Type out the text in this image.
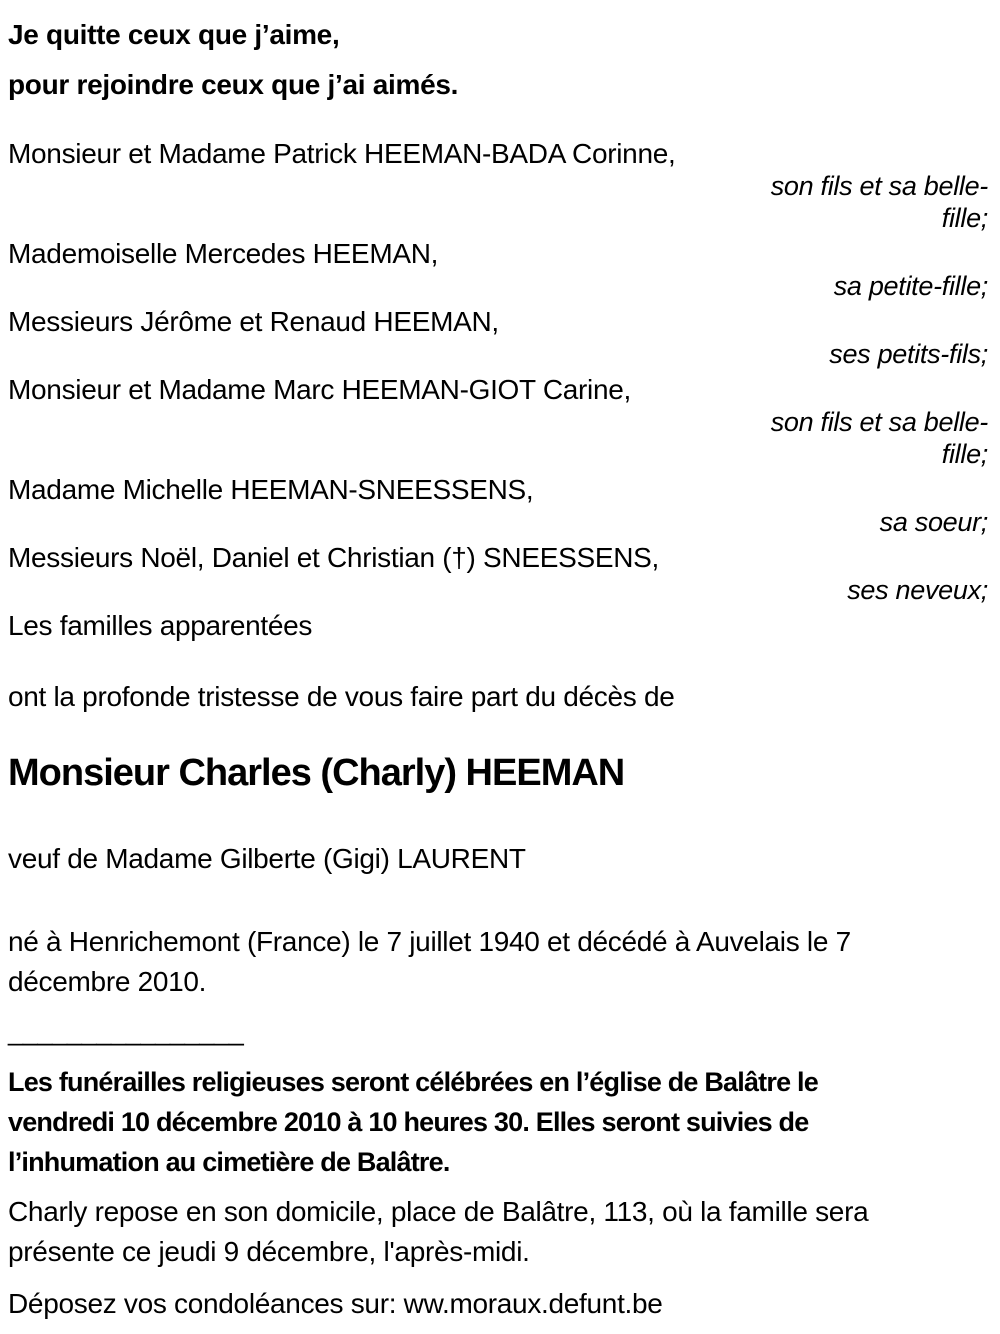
Je quitte ceux que j’aime,
pour rejoindre ceux que j’ai aimés.
Monsieur et Madame Patrick HEEMAN-BADA Corinne,
son fils et sa belle-
fille;
Mademoiselle Mercedes HEEMAN,
sa petite-fille;
Messieurs Jérôme et Renaud HEEMAN,
ses petits-fils;
Monsieur et Madame Marc HEEMAN-GIOT Carine,
son fils et sa belle-
fille;
Madame Michelle HEEMAN-SNEESSENS,
sa soeur;
Messieurs Noël, Daniel et Christian (†) SNEESSENS,
ses neveux;
Les familles apparentées
ont la profonde tristesse de vous faire part du décès de
Monsieur Charles (Charly) HEEMAN
veuf de Madame Gilberte (Gigi) LAURENT
né à Henrichemont (France) le 7 juillet 1940 et décédé à Auvelais le 7
décembre 2010.
________________
Les funérailles religieuses seront célébrées en l’église de Balâtre le
vendredi 10 décembre 2010 à 10 heures 30. Elles seront suivies de
l’inhumation au cimetière de Balâtre.
Charly repose en son domicile, place de Balâtre, 113, où la famille sera
présente ce jeudi 9 décembre, l'après-midi.
Déposez vos condoléances sur: ww.moraux.defunt.be
